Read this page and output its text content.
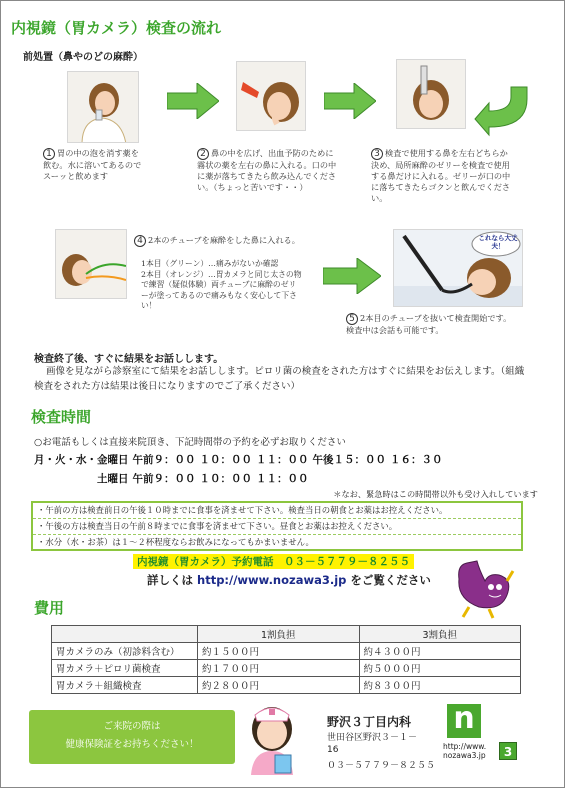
内視鏡（胃カメラ）検査の流れ
前処置（鼻やのどの麻酔）
1 胃の中の泡を消す薬を飲む。水に溶いてあるのでスーッと飲めます
2 鼻の中を広げ、出血予防のために霧状の薬を左右の鼻に入れる。口の中に薬が落ちてきたら飲み込んでください。（ちょっと苦いです・・）
3 検査で使用する鼻を左右どちらか決め、局所麻酔のゼリーを検査で使用する鼻だけに入れる。ゼリーが口の中に落ちてきたらゴクンと飲んでください。
4 2本のチューブを麻酔をした鼻に入れる。
1本目（グリーン）…痛みがないか確認
2本目（オレンジ）…胃カメラと同じ太さの物で練習（疑似体験）両チューブに麻酔のゼリーが塗ってあるので痛みもなく安心して下さい！
これなら大丈夫！
5 2本目のチューブを抜いて検査開始です。検査中は会話も可能です。
検査終了後、すぐに結果をお話しします。
画像を見ながら診察室にて結果をお話しします。ピロリ菌の検査をされた方はすぐに結果をお伝えします。（組織検査をされた方は結果は後日になりますのでご了承ください）
検査時間
○お電話もしくは直接来院頂き、下記時間帯の予約を必ずお取りください
月・火・水・金曜日	午前９：００	１０：００	１１：００	午後１５：００	１６：３０
土曜日	午前９：００	１０：００	１１：００		
＊なお、緊急時はこの時間帯以外も受け入れしています
・午前の方は検査前日の午後１０時までに食事を済ませて下さい。検査当日の朝食とお薬はお控えください。
・午後の方は検査当日の午前８時までに食事を済ませて下さい。昼食とお薬はお控えください。
・水分（水・お茶）は１～２杯程度ならお飲みになってもかまいません。
内視鏡（胃カメラ）予約電話　０３－５７７９－８２５５
詳しくは http://www.nozawa3.jp をご覧ください
費用
	1割負担	3割負担
胃カメラのみ（初診料含む）	約１５００円	約４３００円
胃カメラ＋ピロリ菌検査	約１７００円	約５０００円
胃カメラ＋組織検査	約２８００円	約８３００円
ご来院の際は
健康保険証をお持ちください！
野沢３丁目内科
世田谷区野沢３－１－
16
０３－５７７９－８２５５
n
http://www.
nozawa3.jp	3
